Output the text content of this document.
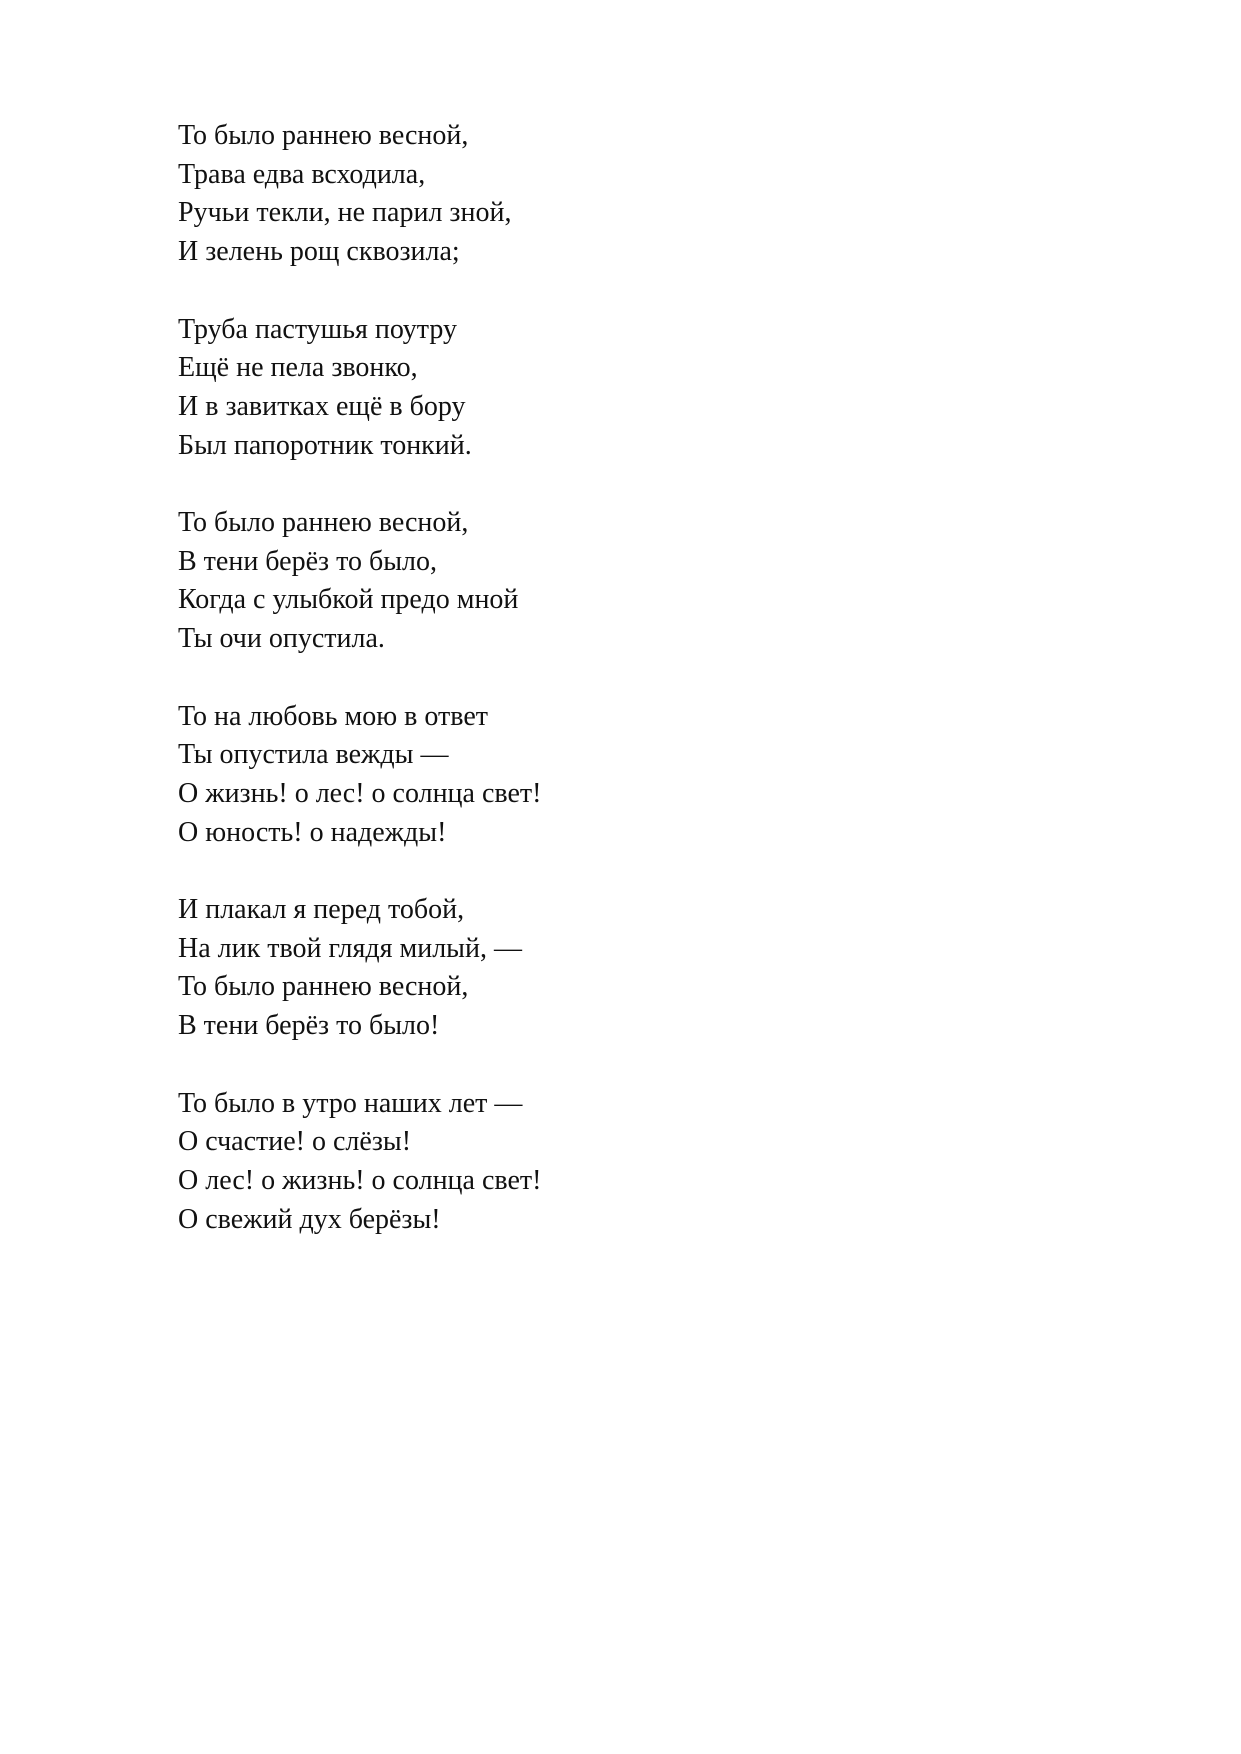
То было раннею весной,
Трава едва всходила,
Ручьи текли, не парил зной,
И зелень рощ сквозила;
Труба пастушья поутру
Ещё не пела звонко,
И в завитках ещё в бору
Был папоротник тонкий.
То было раннею весной,
В тени берёз то было,
Когда с улыбкой предо мной
Ты очи опустила.
То на любовь мою в ответ
Ты опустила вежды —
О жизнь! о лес! о солнца свет!
О юность! о надежды!
И плакал я перед тобой,
На лик твой глядя милый, —
То было раннею весной,
В тени берёз то было!
То было в утро наших лет —
О счастие! о слёзы!
О лес! о жизнь! о солнца свет!
О свежий дух берёзы!
